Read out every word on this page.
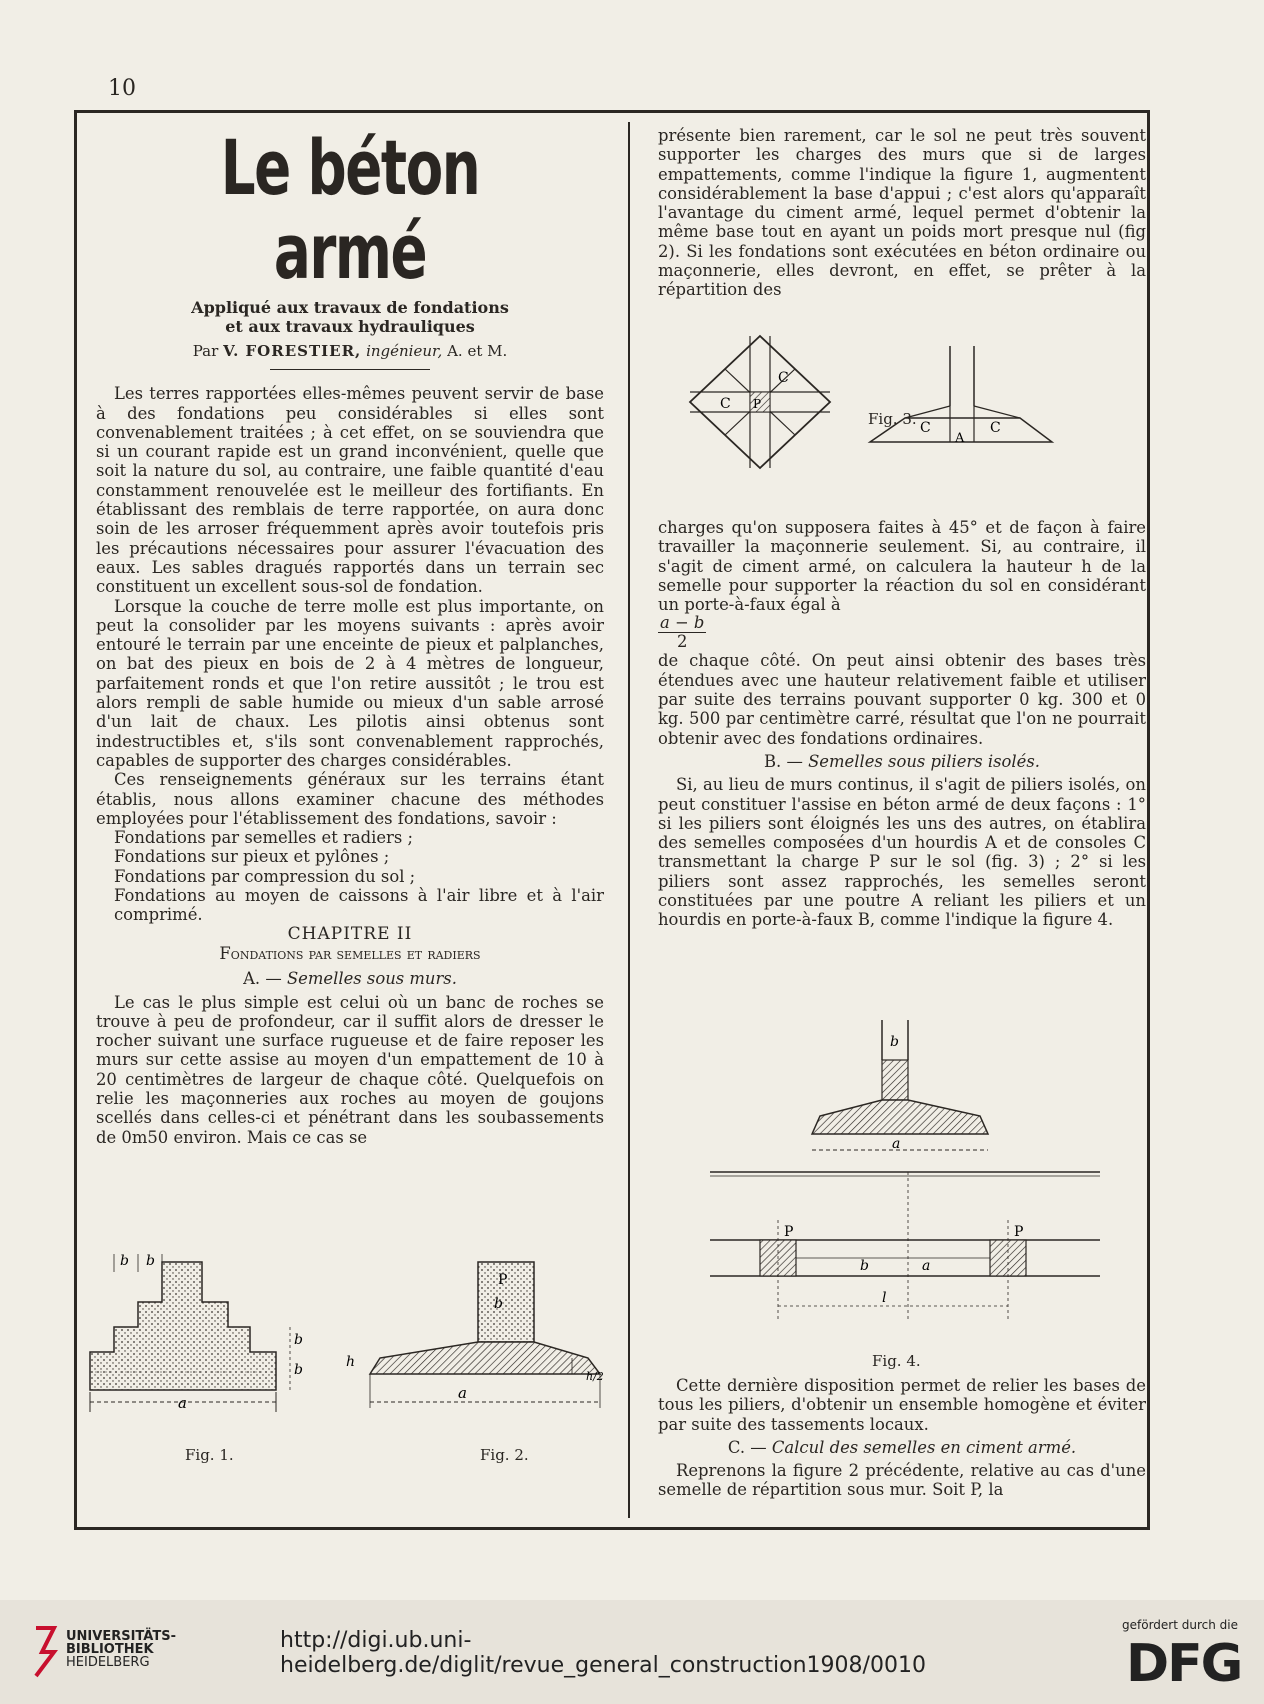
10
Le béton armé
Appliqué aux travaux de fondations
et aux travaux hydrauliques
Par V. FORESTIER, ingénieur, A. et M.

Les terres rapportées elles-mêmes peuvent servir de base à des fondations peu considérables si elles sont convenablement traitées ; à cet effet, on se souviendra que si un courant rapide est un grand inconvénient, quelle que soit la nature du sol, au contraire, une faible quantité d'eau constamment renouvelée est le meilleur des fortifiants. En établissant des remblais de terre rapportée, on aura donc soin de les arroser fréquemment après avoir toutefois pris les précautions nécessaires pour assurer l'évacuation des eaux. Les sables dragués rapportés dans un terrain sec constituent un excellent sous-sol de fondation.

Lorsque la couche de terre molle est plus importante, on peut la consolider par les moyens suivants : après avoir entouré le terrain par une enceinte de pieux et palplanches, on bat des pieux en bois de 2 à 4 mètres de longueur, parfaitement ronds et que l'on retire aussitôt ; le trou est alors rempli de sable humide ou mieux d'un sable arrosé d'un lait de chaux. Les pilotis ainsi obtenus sont indestructibles et, s'ils sont convenablement rapprochés, capables de supporter des charges considérables.

Ces renseignements généraux sur les terrains étant établis, nous allons examiner chacune des méthodes employées pour l'établissement des fondations, savoir :

Fondations par semelles et radiers ;

Fondations sur pieux et pylônes ;

Fondations par compression du sol ;

Fondations au moyen de caissons à l'air libre et à l'air comprimé.

CHAPITRE II

Fondations par semelles et radiers

A. — Semelles sous murs.

Le cas le plus simple est celui où un banc de roches se trouve à peu de profondeur, car il suffit alors de dresser le rocher suivant une surface rugueuse et de faire reposer les murs sur cette assise au moyen d'un empattement de 10 à 20 centimètres de largeur de chaque côté. Quelquefois on relie les maçonneries aux roches au moyen de goujons scellés dans celles-ci et pénétrant dans les soubassements de 0m50 environ. Mais ce cas se

a
b b
b
b
Fig. 1.
P
b
h
h/2
a
Fig. 2.

présente bien rarement, car le sol ne peut très souvent supporter les charges des murs que si de larges empattements, comme l'indique la figure 1, augmentent considérablement la base d'appui ; c'est alors qu'apparaît l'avantage du ciment armé, lequel permet d'obtenir la même base tout en ayant un poids mort presque nul (fig 2). Si les fondations sont exécutées en béton ordinaire ou maçonnerie, elles devront, en effet, se prêter à la répartition des

C
C
P
C	C
A
Fig. 3.

charges qu'on supposera faites à 45° et de façon à faire travailler la maçonnerie seulement. Si, au contraire, il s'agit de ciment armé, on calculera la hauteur h de la semelle pour supporter la réaction du sol en considérant un porte-à-faux égal à

$\frac{a - b}{2}$

de chaque côté. On peut ainsi obtenir des bases très étendues avec une hauteur relativement faible et utiliser par suite des terrains pouvant supporter 0 kg. 300 et 0 kg. 500 par centimètre carré, résultat que l'on ne pourrait obtenir avec des fondations ordinaires.

B. — Semelles sous piliers isolés.

Si, au lieu de murs continus, il s'agit de piliers isolés, on peut constituer l'assise en béton armé de deux façons : 1° si les piliers sont éloignés les uns des autres, on établira des semelles composées d'un hourdis A et de consoles C transmettant la charge P sur le sol (fig. 3) ; 2° si les piliers sont assez rapprochés, les semelles seront constituées par une poutre A reliant les piliers et un hourdis en porte-à-faux B, comme l'indique la figure 4.

b
a
P	P
b	a
l
Fig. 4.

Cette dernière disposition permet de relier les bases de tous les piliers, d'obtenir un ensemble homogène et éviter par suite des tassements locaux.

C. — Calcul des semelles en ciment armé.

Reprenons la figure 2 précédente, relative au cas d'une semelle de répartition sous mur. Soit P, la

UNIVERSITÄTS-
BIBLIOTHEK
HEIDELBERG
http://digi.ub.uni-heidelberg.de/diglit/revue_general_construction1908/0010
gefördert durch die
DFG
